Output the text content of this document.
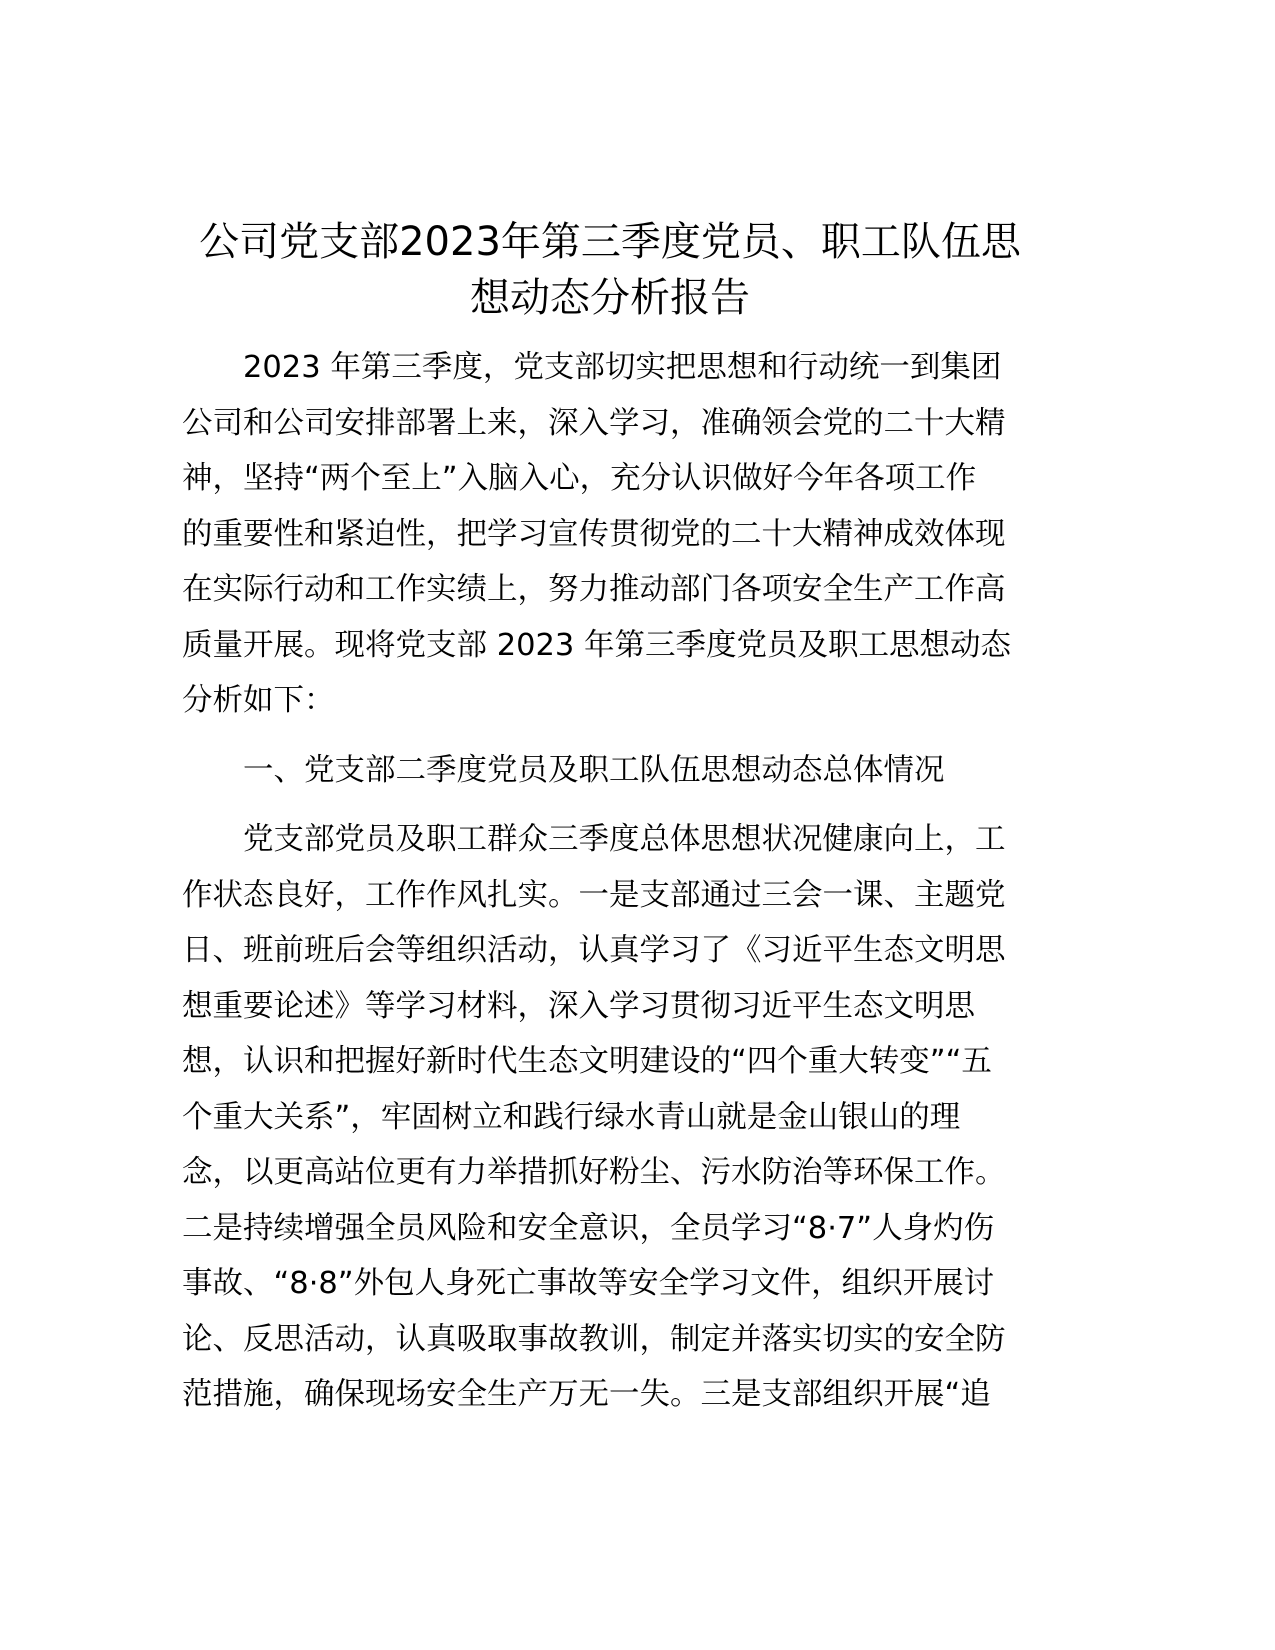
公司党支部2023年第三季度党员、职工队伍思
想动态分析报告
2023 年第三季度，党支部切实把思想和行动统一到集团
公司和公司安排部署上来，深入学习，准确领会党的二十大精
神，坚持“两个至上”入脑入心，充分认识做好今年各项工作
的重要性和紧迫性，把学习宣传贯彻党的二十大精神成效体现
在实际行动和工作实绩上，努力推动部门各项安全生产工作高
质量开展。现将党支部 2023 年第三季度党员及职工思想动态
分析如下：
一、党支部二季度党员及职工队伍思想动态总体情况
党支部党员及职工群众三季度总体思想状况健康向上，工
作状态良好，工作作风扎实。一是支部通过三会一课、主题党
日、班前班后会等组织活动，认真学习了《习近平生态文明思
想重要论述》等学习材料，深入学习贯彻习近平生态文明思
想，认识和把握好新时代生态文明建设的“四个重大转变”“五
个重大关系”，牢固树立和践行绿水青山就是金山银山的理
念，以更高站位更有力举措抓好粉尘、污水防治等环保工作。
二是持续增强全员风险和安全意识，全员学习“8·7”人身灼伤
事故、“8·8”外包人身死亡事故等安全学习文件，组织开展讨
论、反思活动，认真吸取事故教训，制定并落实切实的安全防
范措施，确保现场安全生产万无一失。三是支部组织开展“追
